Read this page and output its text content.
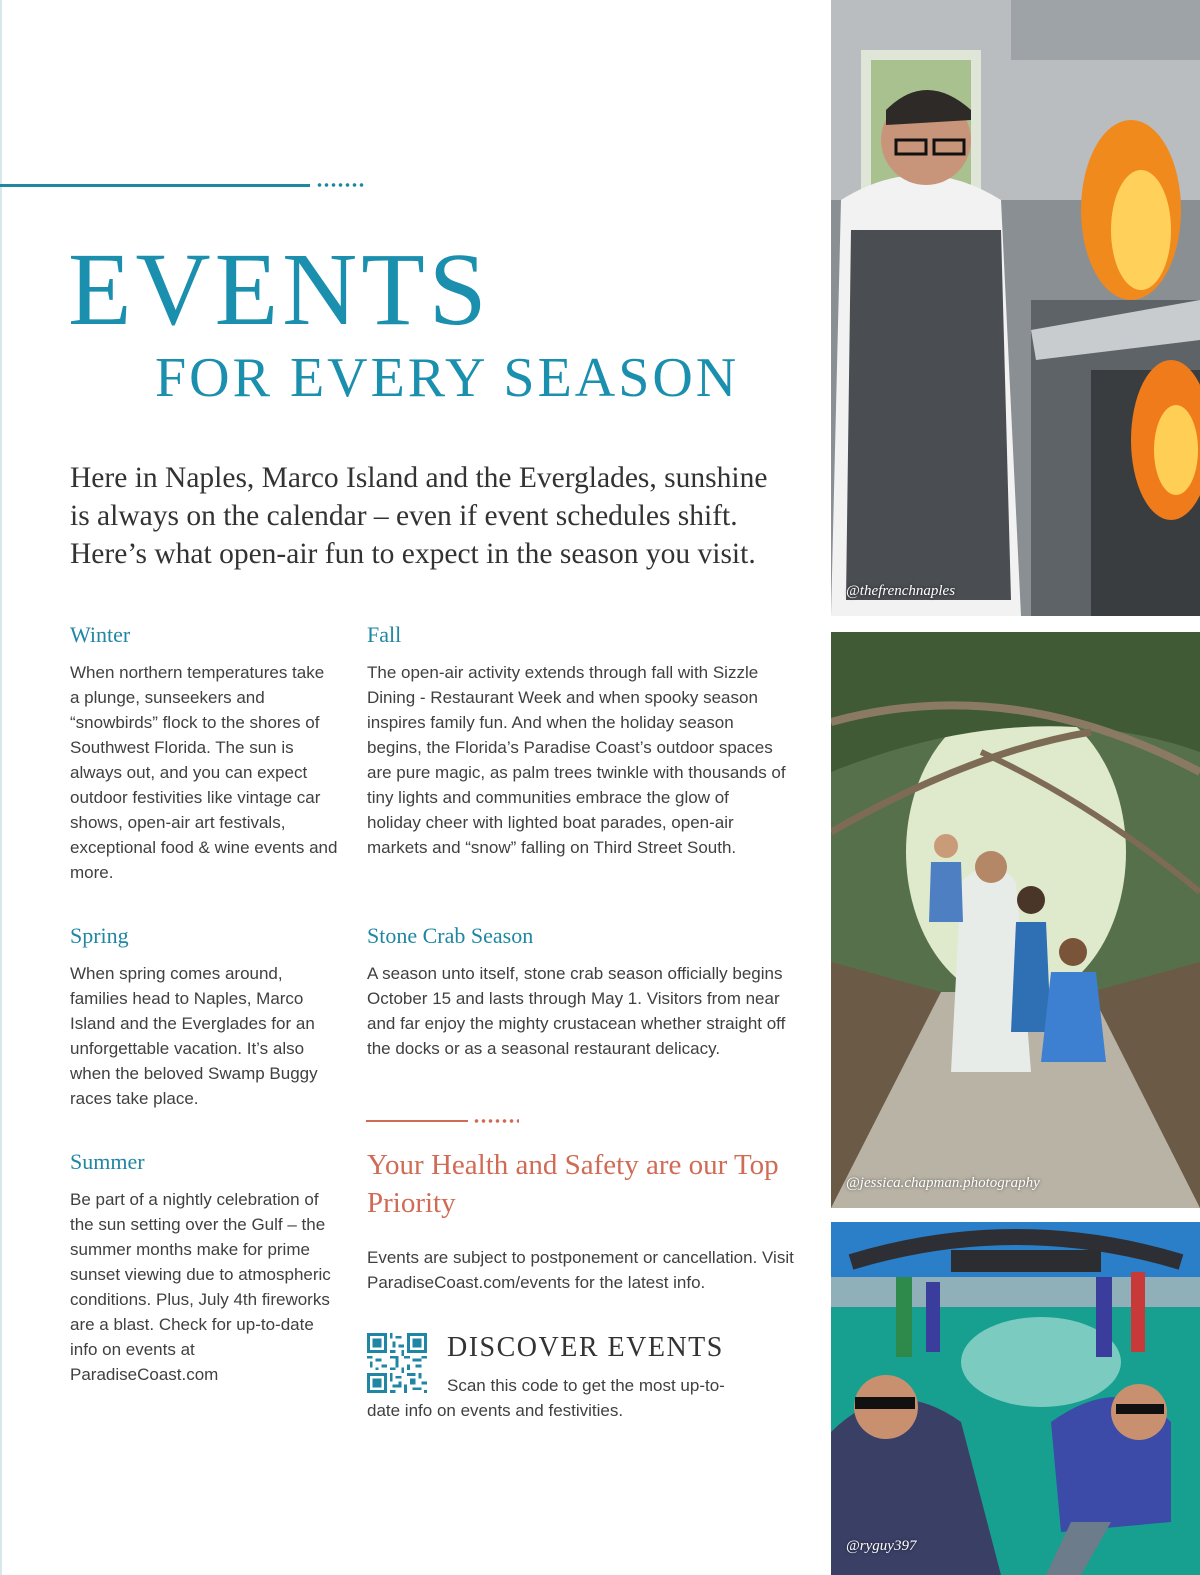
EVENTS
FOR EVERY SEASON

Here in Naples, Marco Island and the Everglades, sunshine is always on the calendar – even if event schedules shift. Here’s what open-air fun to expect in the season you visit.

Winter

When northern temperatures take a plunge, sunseekers and “snowbirds” flock to the shores of Southwest Florida. The sun is always out, and you can expect outdoor festivities like vintage car shows, open-air art festivals, exceptional food & wine events and more.

Fall

The open-air activity extends through fall with Sizzle Dining - Restaurant Week and when spooky season inspires family fun. And when the holiday season begins, the Florida’s Paradise Coast’s outdoor spaces are pure magic, as palm trees twinkle with thousands of tiny lights and communities embrace the glow of holiday cheer with lighted boat parades, open-air markets and “snow” falling on Third Street South.

Spring

When spring comes around, families head to Naples, Marco Island and the Everglades for an unforgettable vacation. It’s also when the beloved Swamp Buggy races take place.

Stone Crab Season

A season unto itself, stone crab season officially begins October 15 and lasts through May 1. Visitors from near and far enjoy the mighty crustacean whether straight off the docks or as a seasonal restaurant delicacy.

Summer

Be part of a nightly celebration of the sun setting over the Gulf – the summer months make for prime sunset viewing due to atmospheric conditions. Plus, July 4th fireworks are a blast. Check for up-to-date info on events at ParadiseCoast.com

Your Health and Safety are our Top Priority

Events are subject to postponement or cancellation. Visit ParadiseCoast.com/events for the latest info.

DISCOVER EVENTS

Scan this code to get the most up-to-date info on events and festivities.

@thefrenchnaples
@jessica.chapman.photography
@ryguy397
